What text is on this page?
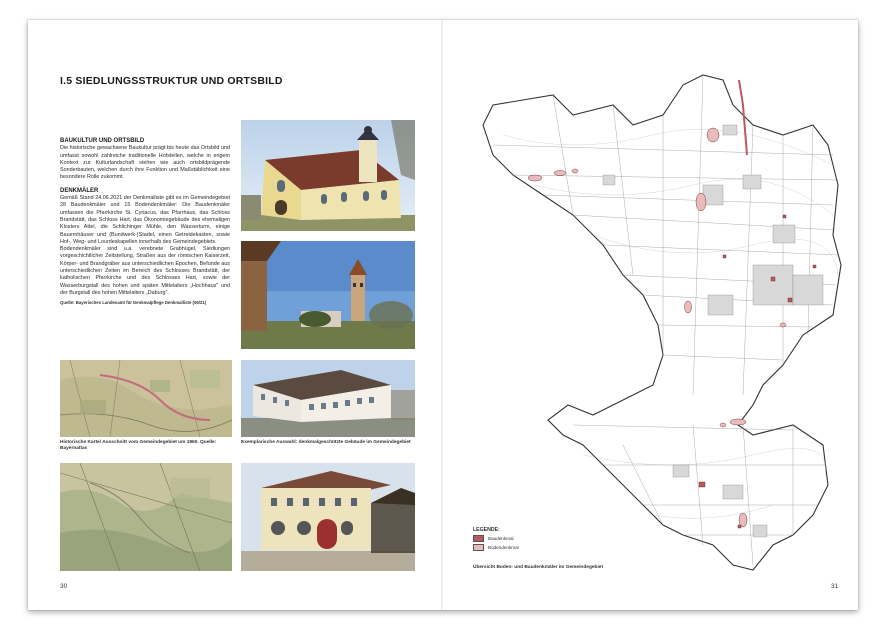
I.5 SIEDLUNGSSTRUKTUR UND ORTSBILD

BAUKULTUR UND ORTSBILD

Die historische gewachsene Baukultur prägt bis heute das Ortsbild und umfasst sowohl zahlreiche traditionelle Hofstellen, welche in engem Kontext zur Kulturlandschaft stehen wie auch ortsbildprägende Sonderbauten, welchen durch ihre Funktion und Maßstäblichkeit eine besondere Rolle zukommt.

DENKMÄLER

Gemäß Stand 24.06.2021 der Denkmalliste gibt es im Gemeindegebiet 28 Baudenkmäler und 15 Bodendenkmäler: Die Baudenkmäler umfassen die Pfarrkirche St. Cyriacus, das Pfarrhaus, das Schloss Brandstätt, das Schloss Hart, das Ökonomiegebäude des ehemaligen Klosters Attel, die Schlichinger Mühle, den Wasserturm, einige Bauernhäuser und (Bundwerk-)Stadel, einen Getreidekasten, sowie Hof-, Weg- und Lourdeskapellen innerhalb des Gemeindegebiets.

Bodendenkmäler sind u.a. verebnete Grabhügel, Siedlungen vorgeschichtlicher Zeitstellung, Straßen aus der römischen Kaiserzeit, Körper- und Brandgräber aus unterschiedlichen Epochen, Befunde aus unterschiedlichen Zeiten im Bereich des Schlosses Brandstätt, der katholischen Pfarrkirche und des Schlosses Hart, sowie der Wasserburgstall des hohen und späten Mittelalters „Hochhaus" und der Burgstall des hohen Mittelalters „Daburg".

Quelle: Bayerisches Landesamt für Denkmalpflege Denkmalliste (06/21)

Historische Karte/ Ausschnitt vom Gemeindegebiet um 1860. Quelle: Bayernatlas
Exemplarische Auswahl: denkmalgeschützte Gebäude im Gemeindegebiet
30
LEGENDE:
Baudenkmal
Bodendenkmal
Übersicht Boden- und Baudenkmäler im Gemeindegebiet
31
